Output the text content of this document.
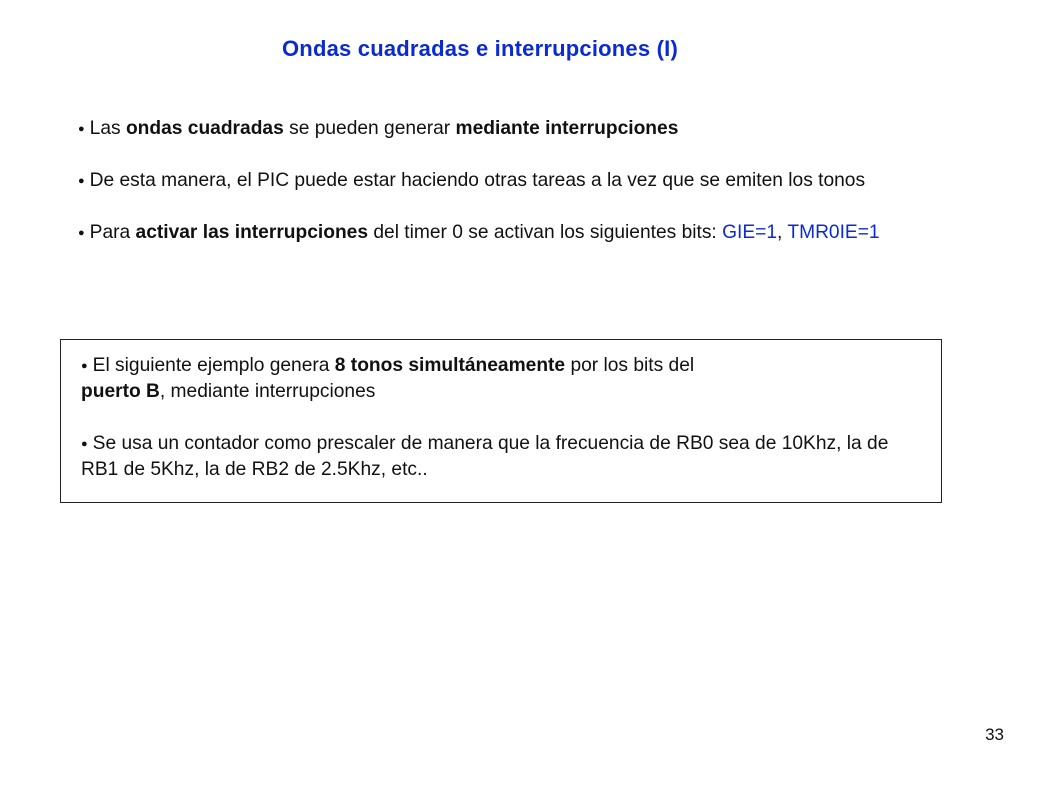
Ondas cuadradas e interrupciones (I)

● Las ondas cuadradas se pueden generar mediante interrupciones

● De esta manera, el PIC puede estar haciendo otras tareas a la vez que se emiten los tonos

● Para activar las interrupciones del timer 0 se activan los siguientes bits: GIE=1, TMR0IE=1

● El siguiente ejemplo genera 8 tonos simultáneamente por los bits del
puerto B, mediante interrupciones

● Se usa un contador como prescaler de manera que la frecuencia de RB0 sea de 10Khz, la de RB1 de 5Khz, la de RB2 de 2.5Khz, etc..

33
